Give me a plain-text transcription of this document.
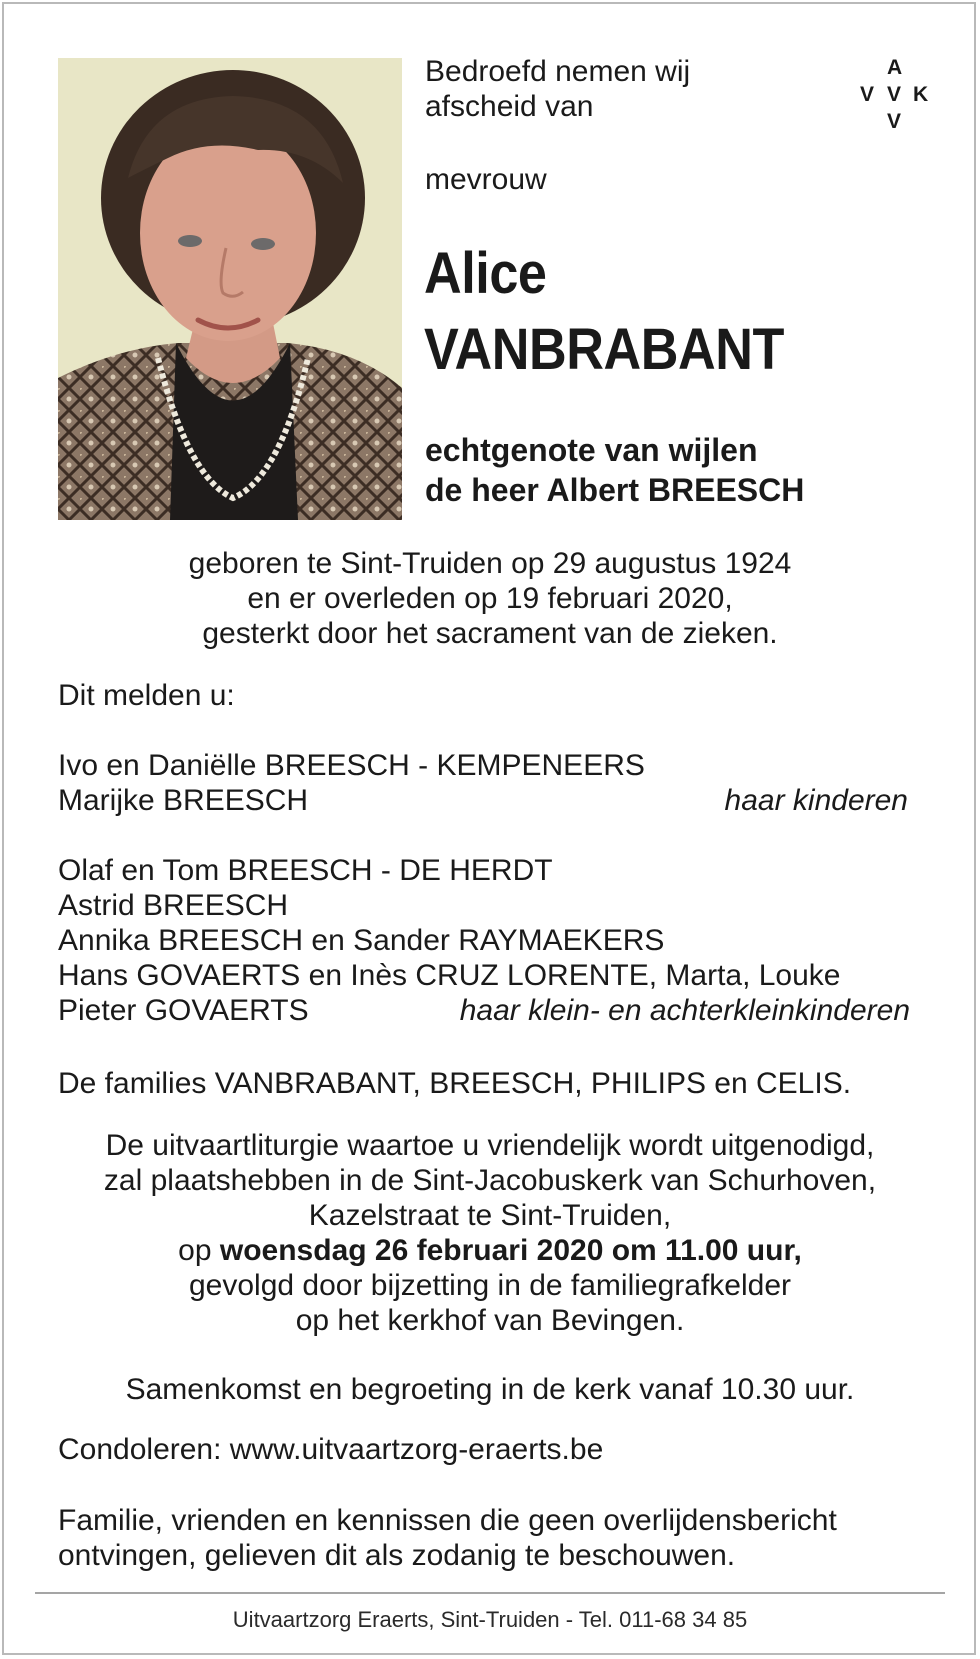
Bedroefd nemen wij
afscheid van
mevrouw
Alice
VANBRABANT
echtgenote van wijlen
de heer Albert BREESCH
A
V V K
V
geboren te Sint-Truiden op 29 augustus 1924
en er overleden op 19 februari 2020,
gesterkt door het sacrament van de zieken.
Dit melden u:
Ivo en Daniëlle BREESCH - KEMPENEERS
Marijke BREESCH	haar kinderen
Olaf en Tom BREESCH - DE HERDT
Astrid BREESCH
Annika BREESCH en Sander RAYMAEKERS
Hans GOVAERTS en Inès CRUZ LORENTE, Marta, Louke
Pieter GOVAERTS	haar klein- en achterkleinkinderen
De families VANBRABANT, BREESCH, PHILIPS en CELIS.
De uitvaartliturgie waartoe u vriendelijk wordt uitgenodigd,
zal plaatshebben in de Sint-Jacobuskerk van Schurhoven,
Kazelstraat te Sint-Truiden,
op woensdag 26 februari 2020 om 11.00 uur,
gevolgd door bijzetting in de familiegrafkelder
op het kerkhof van Bevingen.
Samenkomst en begroeting in de kerk vanaf 10.30 uur.
Condoleren: www.uitvaartzorg-eraerts.be
Familie, vrienden en kennissen die geen overlijdensbericht
ontvingen, gelieven dit als zodanig te beschouwen.
Uitvaartzorg Eraerts, Sint-Truiden - Tel. 011-68 34 85
